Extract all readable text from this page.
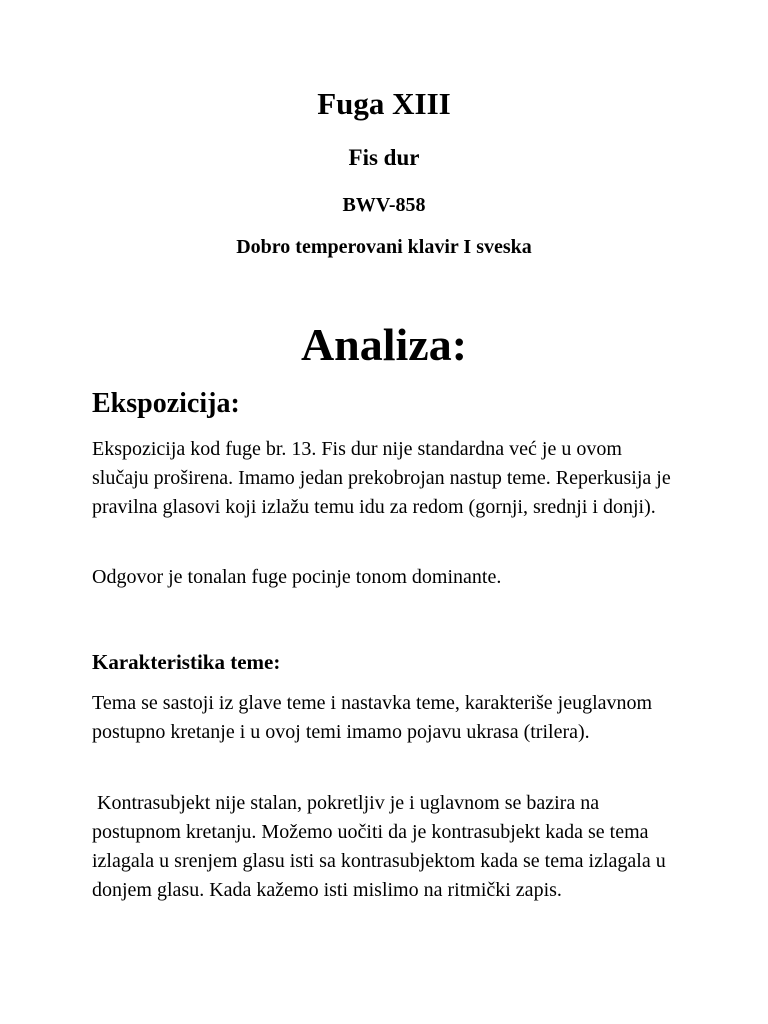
Fuga XIII
Fis dur
BWV-858
Dobro temperovani klavir I sveska
Analiza:
Ekspozicija:

Ekspozicija kod fuge br. 13. Fis dur nije standardna već je u ovom slučaju proširena. Imamo jedan prekobrojan nastup teme. Reperkusija je pravilna glasovi koji izlažu temu idu za redom (gornji, srednji i donji).

Odgovor je tonalan fuge pocinje tonom dominante.

Karakteristika teme:

Tema se sastoji iz glave teme i nastavka teme, karakteriše jeuglavnom postupno kretanje i u ovoj temi imamo pojavu ukrasa (trilera).

Kontrasubjekt nije stalan, pokretljiv je i uglavnom se bazira na postupnom kretanju. Možemo uočiti da je kontrasubjekt kada se tema izlagala u srenjem glasu isti sa kontrasubjektom kada se tema izlagala u donjem glasu. Kada kažemo isti mislimo na ritmički zapis.
